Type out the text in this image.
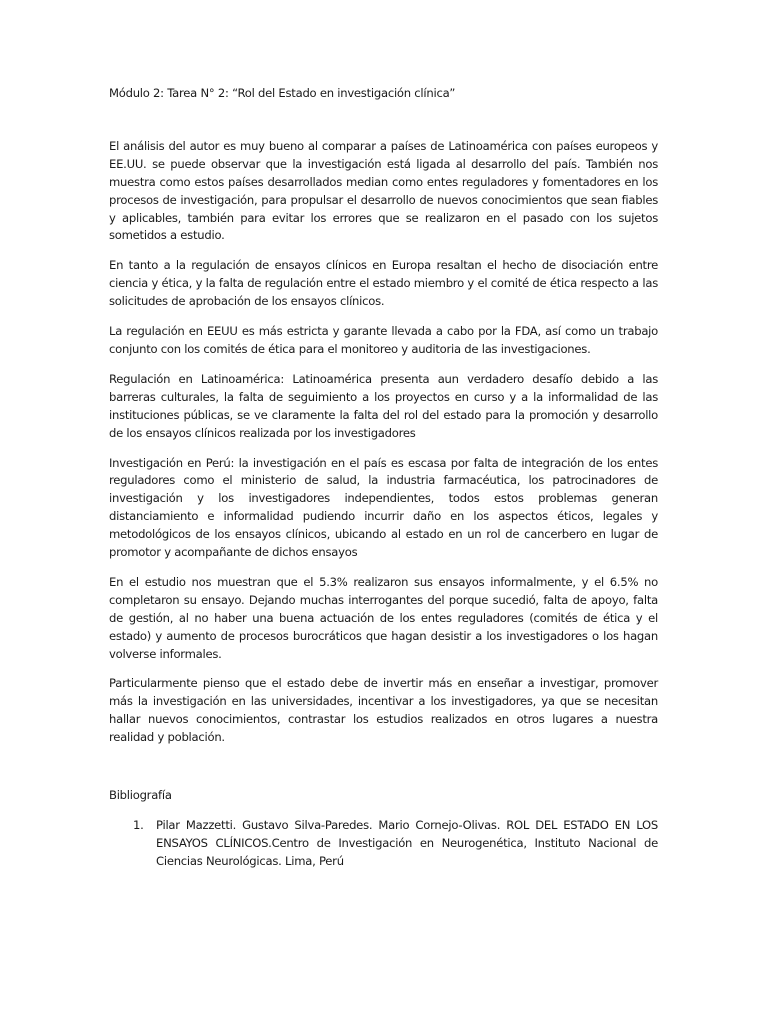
Módulo 2: Tarea N° 2: “Rol del Estado en investigación clínica”

El análisis del autor es muy bueno al comparar a países de Latinoamérica con países europeos y EE.UU. se puede observar que la investigación está ligada al desarrollo del país. También nos muestra como estos países desarrollados median como entes reguladores y fomentadores en los procesos de investigación, para propulsar el desarrollo de nuevos conocimientos que sean fiables y aplicables, también para evitar los errores que se realizaron en el pasado con los sujetos sometidos a estudio.

En tanto a la regulación de ensayos clínicos en Europa resaltan el hecho de disociación entre ciencia y ética, y la falta de regulación entre el estado miembro y el comité de ética respecto a las solicitudes de aprobación de los ensayos clínicos.

La regulación en EEUU es más estricta y garante llevada a cabo por la FDA, así como un trabajo conjunto con los comités de ética para el monitoreo y auditoria de las investigaciones.

Regulación en Latinoamérica: Latinoamérica presenta aun verdadero desafío debido a las barreras culturales, la falta de seguimiento a los proyectos en curso y a la informalidad de las instituciones públicas, se ve claramente la falta del rol del estado para la promoción y desarrollo de los ensayos clínicos realizada por los investigadores

Investigación en Perú: la investigación en el país es escasa por falta de integración de los entes reguladores como el ministerio de salud, la industria farmacéutica, los patrocinadores de investigación y los investigadores independientes, todos estos problemas generan distanciamiento e informalidad pudiendo incurrir daño en los aspectos éticos, legales y metodológicos de los ensayos clínicos, ubicando al estado en un rol de cancerbero en lugar de promotor y acompañante de dichos ensayos

En el estudio nos muestran que el 5.3% realizaron sus ensayos informalmente, y el 6.5% no completaron su ensayo. Dejando muchas interrogantes del porque sucedió, falta de apoyo, falta de gestión, al no haber una buena actuación de los entes reguladores (comités de ética y el estado) y aumento de procesos burocráticos que hagan desistir a los investigadores o los hagan volverse informales.

Particularmente pienso que el estado debe de invertir más en enseñar a investigar, promover más la investigación en las universidades, incentivar a los investigadores, ya que se necesitan hallar nuevos conocimientos, contrastar los estudios realizados en otros lugares a nuestra realidad y población.

Bibliografía

1.	Pilar Mazzetti. Gustavo Silva-Paredes. Mario Cornejo-Olivas. ROL DEL ESTADO EN LOS ENSAYOS CLÍNICOS.Centro de Investigación en Neurogenética, Instituto Nacional de Ciencias Neurológicas. Lima, Perú
